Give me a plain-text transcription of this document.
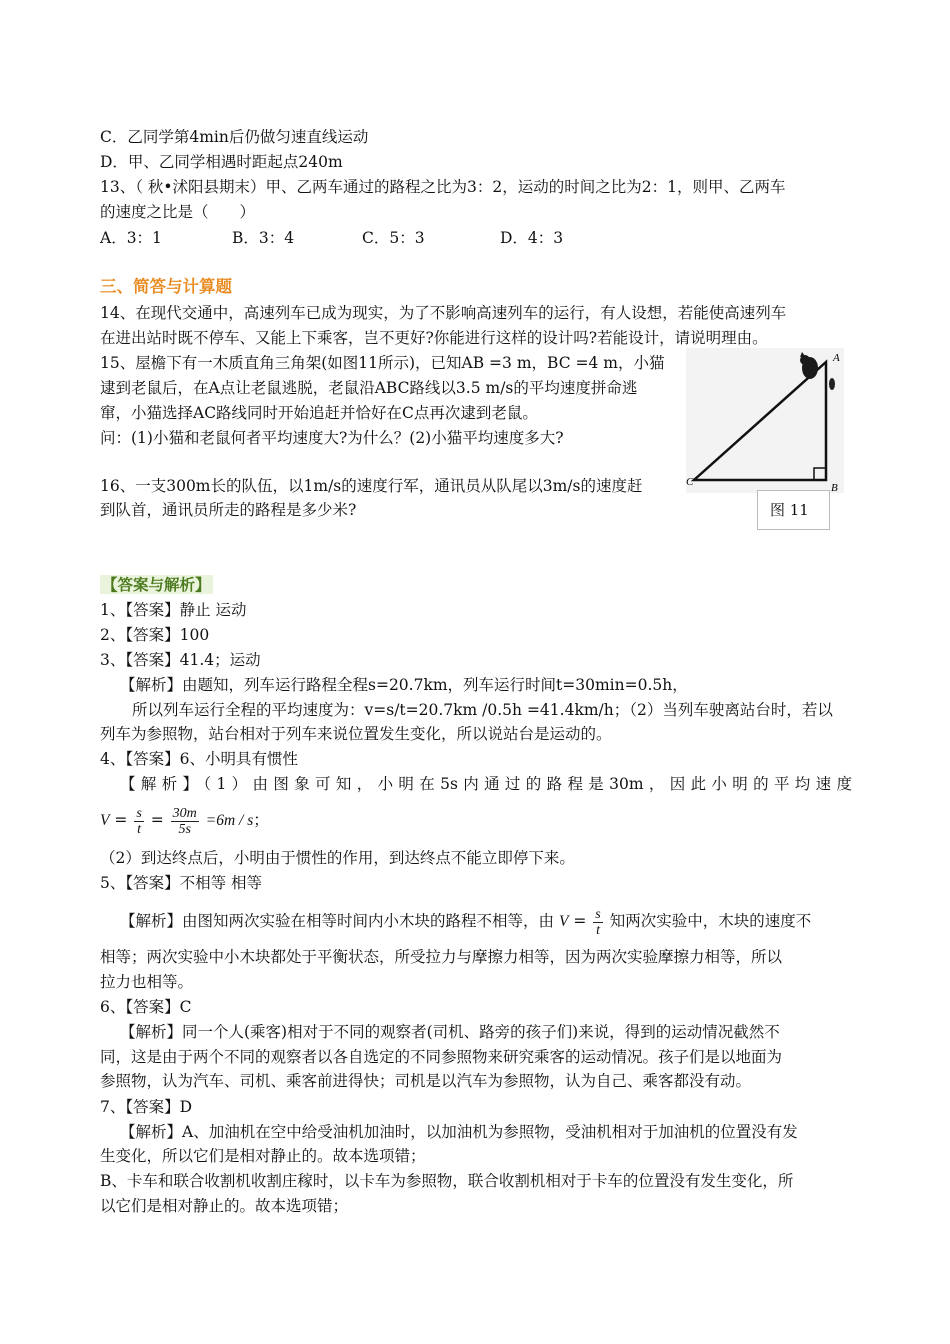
C．乙同学第4min后仍做匀速直线运动
D．甲、乙同学相遇时距起点240m
13、（ 秋•沭阳县期末）甲、乙两车通过的路程之比为3：2，运动的时间之比为2：1，则甲、乙两车
的速度之比是（　　）
A．3：1	B．3：4	C．5：3	D．4：3
三、简答与计算题
14、在现代交通中，高速列车已成为现实，为了不影响高速列车的运行，有人设想，若能使高速列车
在进出站时既不停车、又能上下乘客，岂不更好?你能进行这样的设计吗?若能设计，请说明理由。
15、屋檐下有一木质直角三角架(如图11所示)，已知AB =3 m，BC =4 m，小猫
逮到老鼠后，在A点让老鼠逃脱，老鼠沿ABC路线以3.5 m/s的平均速度拼命逃
窜，小猫选择AC路线同时开始追赶并恰好在C点再次逮到老鼠。
问：(1)小猫和老鼠何者平均速度大?为什么？(2)小猫平均速度多大?
A
B
C
图 11
16、一支300m长的队伍，以1m/s的速度行军，通讯员从队尾以3m/s的速度赶
到队首，通讯员所走的路程是多少米?
【答案与解析】
1、【答案】静止 运动
2、【答案】100
3、【答案】41.4；运动
【解析】由题知，列车运行路程全程s=20.7km，列车运行时间t=30min=0.5h，
所以列车运行全程的平均速度为：v=s/t=20.7km /0.5h =41.4km/h；（2）当列车驶离站台时，若以
列车为参照物，站台相对于列车来说位置发生变化，所以说站台是运动的。
4、【答案】6、小明具有惯性
【解析】（1）由图象可知，小明在5s内通过的路程是30m，因此小明的平均速度
$V = \frac{s}{t} = \frac{30m}{5s} =6m / s$；
（2）到达终点后，小明由于惯性的作用，到达终点不能立即停下来。
5、【答案】不相等 相等
【解析】由图知两次实验在相等时间内小木块的路程不相等，由 $V = \frac{s}{t}$ 知两次实验中，木块的速度不
相等；两次实验中小木块都处于平衡状态，所受拉力与摩擦力相等，因为两次实验摩擦力相等，所以
拉力也相等。
6、【答案】C
【解析】同一个人(乘客)相对于不同的观察者(司机、路旁的孩子们)来说，得到的运动情况截然不
同，这是由于两个不同的观察者以各自选定的不同参照物来研究乘客的运动情况。孩子们是以地面为
参照物，认为汽车、司机、乘客前进得快；司机是以汽车为参照物，认为自己、乘客都没有动。
7、【答案】D
【解析】A、加油机在空中给受油机加油时，以加油机为参照物，受油机相对于加油机的位置没有发
生变化，所以它们是相对静止的。故本选项错；
B、卡车和联合收割机收割庄稼时，以卡车为参照物，联合收割机相对于卡车的位置没有发生变化，所
以它们是相对静止的。故本选项错；
